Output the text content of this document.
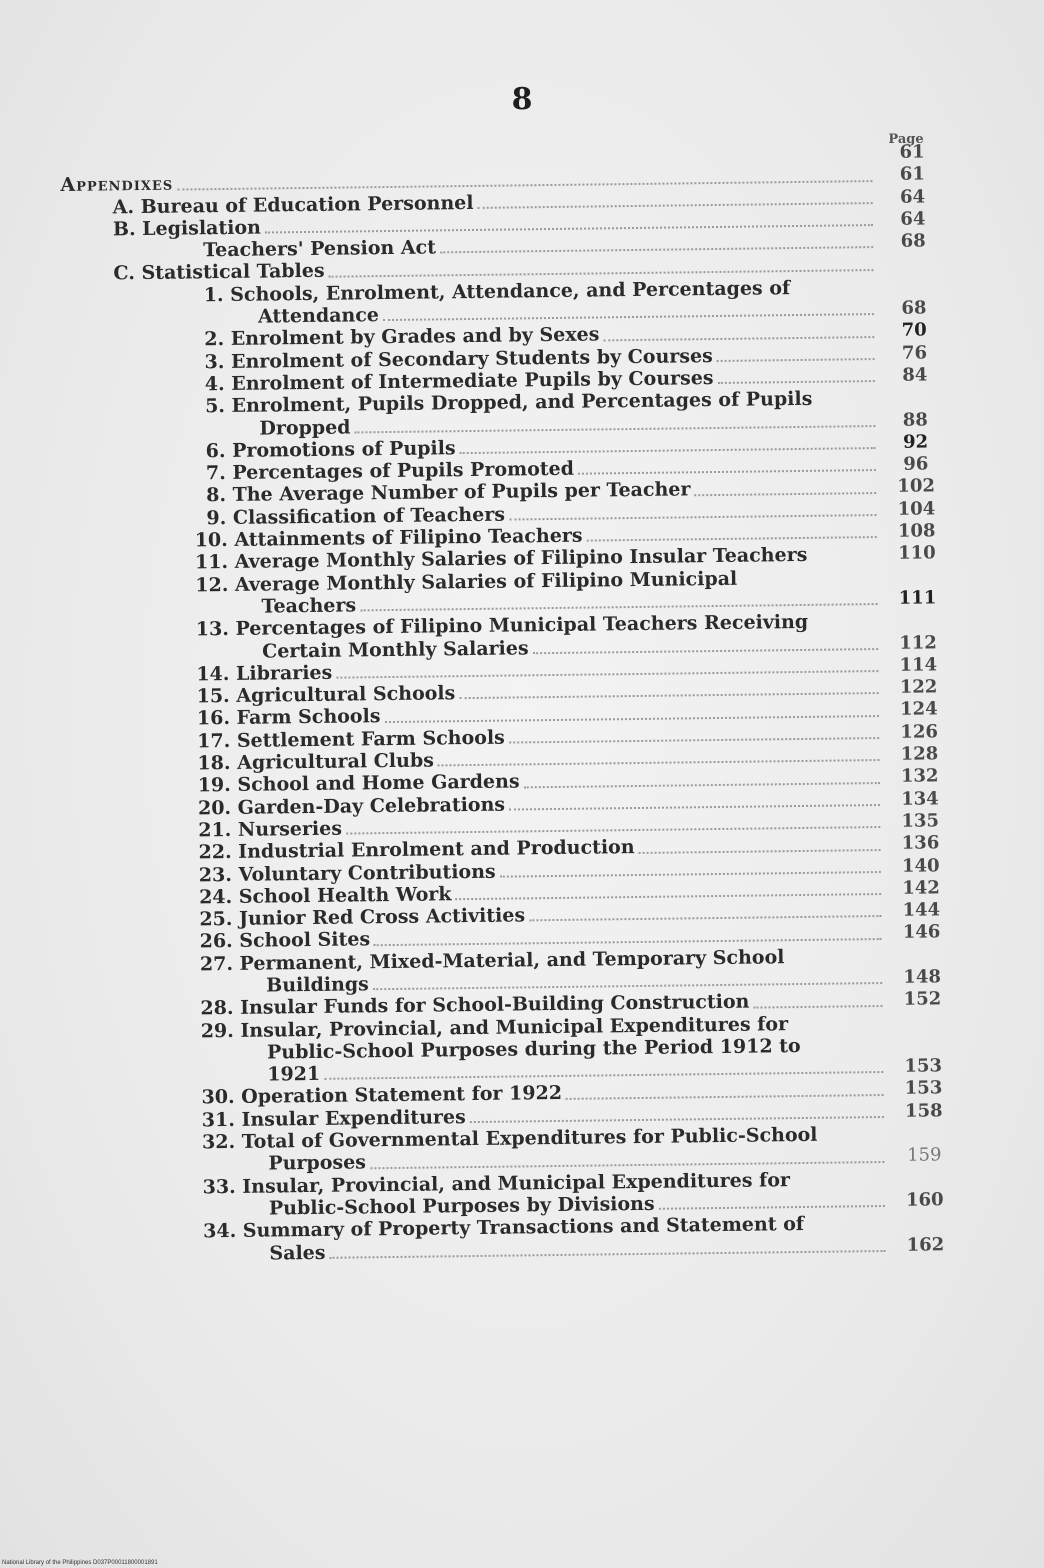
8
Page
61
Appendixes	61
A. Bureau of Education Personnel	64
B. Legislation	64
Teachers' Pension Act	68
C. Statistical Tables
1. Schools, Enrolment, Attendance, and Percentages of
Attendance	68
2. Enrolment by Grades and by Sexes	70
3. Enrolment of Secondary Students by Courses	76
4. Enrolment of Intermediate Pupils by Courses	84
5. Enrolment, Pupils Dropped, and Percentages of Pupils
Dropped	88
6. Promotions of Pupils	92
7. Percentages of Pupils Promoted	96
8. The Average Number of Pupils per Teacher	102
9. Classification of Teachers	104
10. Attainments of Filipino Teachers	108
11. Average Monthly Salaries of Filipino Insular Teachers	110
12. Average Monthly Salaries of Filipino Municipal
Teachers	111
13. Percentages of Filipino Municipal Teachers Receiving
Certain Monthly Salaries	112
14. Libraries	114
15. Agricultural Schools	122
16. Farm Schools	124
17. Settlement Farm Schools	126
18. Agricultural Clubs	128
19. School and Home Gardens	132
20. Garden-Day Celebrations	134
21. Nurseries	135
22. Industrial Enrolment and Production	136
23. Voluntary Contributions	140
24. School Health Work	142
25. Junior Red Cross Activities	144
26. School Sites	146
27. Permanent, Mixed-Material, and Temporary School
Buildings	148
28. Insular Funds for School-Building Construction	152
29. Insular, Provincial, and Municipal Expenditures for
Public-School Purposes during the Period 1912 to
1921	153
30. Operation Statement for 1922	153
31. Insular Expenditures	158
32. Total of Governmental Expenditures for Public-School
Purposes	159
33. Insular, Provincial, and Municipal Expenditures for
Public-School Purposes by Divisions	160
34. Summary of Property Transactions and Statement of
Sales	162
National Library of the Philippines D037P00011800001891
